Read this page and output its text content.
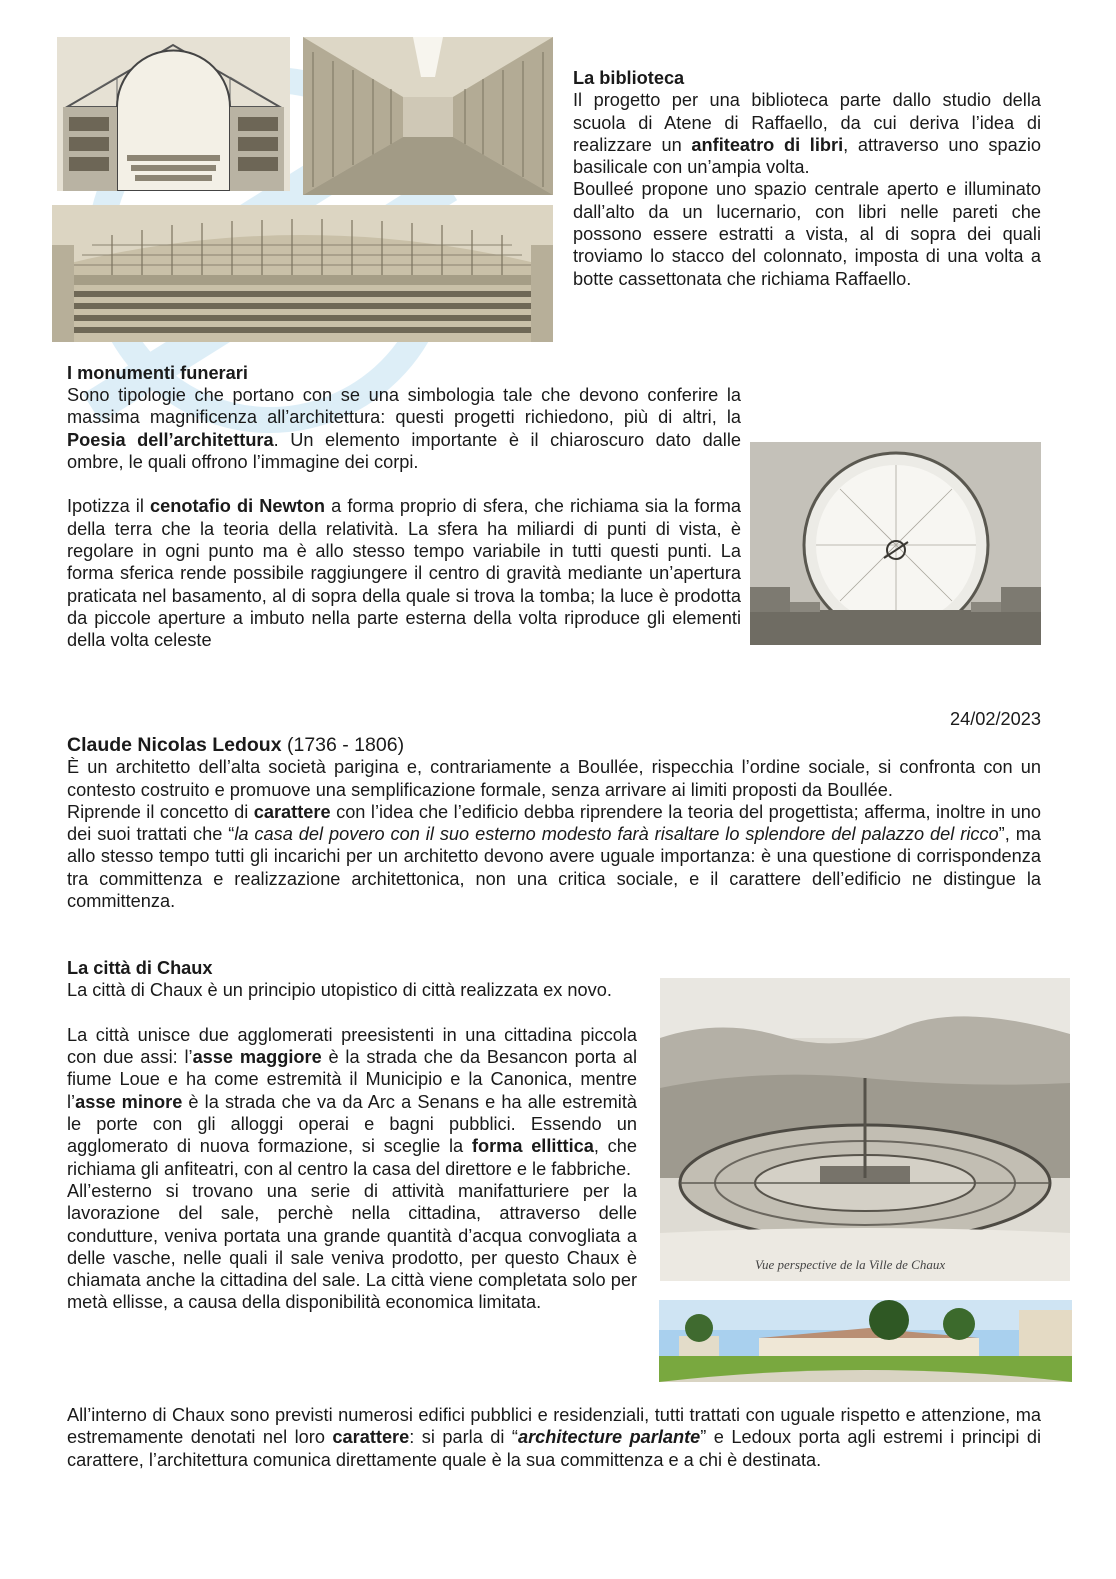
La biblioteca

Il progetto per una biblioteca parte dallo studio della scuola di Atene di Raffaello, da cui deriva l’idea di realizzare un anfiteatro di libri, attraverso uno spazio basilicale con un’ampia volta.

Boulleé propone uno spazio centrale aperto e illuminato dall’alto da un lucernario, con libri nelle pareti che possono essere estratti a vista, al di sopra dei quali troviamo lo stacco del colonnato, imposta di una volta a botte cassettonata che richiama Raffaello.

I monumenti funerari

Sono tipologie che portano con se una simbologia tale che devono conferire la massima magnificenza all’architettura: questi progetti richiedono, più di altri, la Poesia dell’architettura. Un elemento importante è il chiaroscuro dato dalle ombre, le quali offrono l’immagine dei corpi.

Ipotizza il cenotafio di Newton a forma proprio di sfera, che richiama sia la forma della terra che la teoria della relatività. La sfera ha miliardi di punti di vista, è regolare in ogni punto ma è allo stesso tempo variabile in tutti questi punti. La forma sferica rende possibile raggiungere il centro di gravità mediante un’apertura praticata nel basamento, al di sopra della quale si trova la tomba; la luce è prodotta da piccole aperture a imbuto nella parte esterna della volta riproduce gli elementi della volta celeste

24/02/2023

Claude Nicolas Ledoux (1736 - 1806)

È un architetto dell’alta società parigina e, contrariamente a Boullée, rispecchia l’ordine sociale, si confronta con un contesto costruito e promuove una semplificazione formale, senza arrivare ai limiti proposti da Boullée.

Riprende il concetto di carattere con l’idea che l’edificio debba riprendere la teoria del progettista; afferma, inoltre in uno dei suoi trattati che “la casa del povero con il suo esterno modesto farà risaltare lo splendore del palazzo del ricco”, ma allo stesso tempo tutti gli incarichi per un architetto devono avere uguale importanza: è una questione di corrispondenza tra committenza e realizzazione architettonica, non una critica sociale, e il carattere dell’edificio ne distingue la committenza.

Vue perspective de la Ville de Chaux
La città di Chaux

La città di Chaux è un principio utopistico di città realizzata ex novo.

La città unisce due agglomerati preesistenti in una cittadina piccola con due assi: l’asse maggiore è la strada che da Besancon porta al fiume Loue e ha come estremità il Municipio e la Canonica, mentre l’asse minore è la strada che va da Arc a Senans e ha alle estremità le porte con gli alloggi operai e bagni pubblici. Essendo un agglomerato di nuova formazione, si sceglie la forma ellittica, che richiama gli anfiteatri, con al centro la casa del direttore e le fabbriche.

All’esterno si trovano una serie di attività manifatturiere per la lavorazione del sale, perchè nella cittadina, attraverso delle condutture, veniva portata una grande quantità d’acqua convogliata a delle vasche, nelle quali il sale veniva prodotto, per questo Chaux è chiamata anche la cittadina del sale. La città viene completata solo per metà ellisse, a causa della disponibilità economica limitata.

All’interno di Chaux sono previsti numerosi edifici pubblici e residenziali, tutti trattati con uguale rispetto e attenzione, ma estremamente denotati nel loro carattere: si parla di “architecture parlante” e Ledoux porta agli estremi i principi di carattere, l’architettura comunica direttamente quale è la sua committenza e a chi è destinata.
